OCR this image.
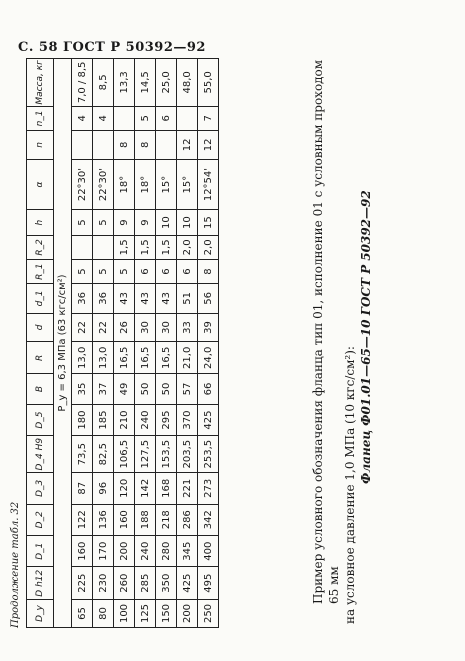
С. 58 ГОСТ Р 50392—92
Продолжение табл. 32 D_y	D h12	D_1	D_2	D_3	D_4 H9	D_5	B	R	d	d_1	R_1	R_2	h	α	n	n_1	Масса, кг
P_y = 6,3 МПа (63 кгс/см²)																	
65	225	160	122	87	73,5	180	35	13,0	22	36	5		5	22°30'		4	7,0 / 8,5
80	230	170	136	96	82,5	185	37	13,0	22	36	5		5	22°30'		4	8,5
100	260	200	160	120	106,5	210	49	16,5	26	43	5	1,5	9	18°	8		13,3
125	285	240	188	142	127,5	240	50	16,5	30	43	6	1,5	9	18°	8	5	14,5
150	350	280	218	168	153,5	295	50	16,5	30	43	6	1,5	10	15°		6	25,0
200	425	345	286	221	203,5	370	57	21,0	33	51	6	2,0	10	15°	12		48,0
250	495	400	342	273	253,5	425	66	24,0	39	56	8	2,0	15	12°54'	12	7	55,0	Пример условного обозначения фланца тип 01, исполнение 01 с условным проходом 65 мм на условное давление 1,0 МПа (10 кгс/см²):
Фланец Ф01.01—65—10 ГОСТ Р 50392—92
